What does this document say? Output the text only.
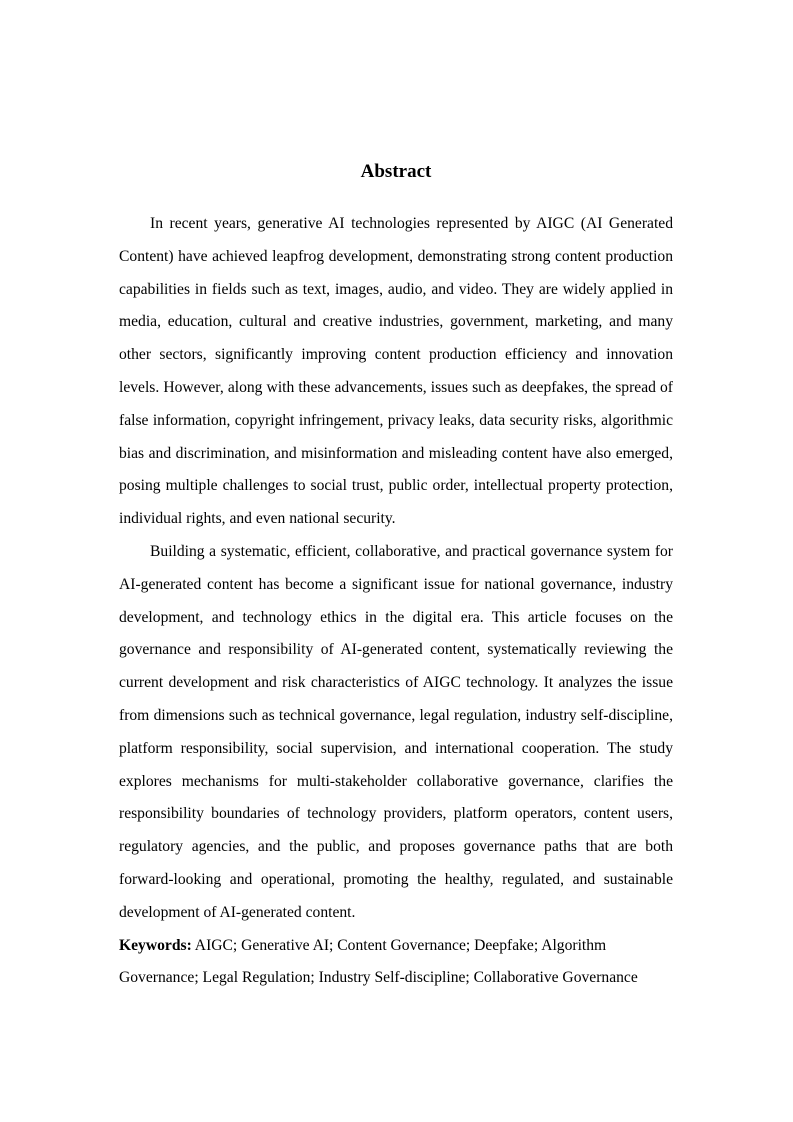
Abstract

In recent years, generative AI technologies represented by AIGC (AI Generated Content) have achieved leapfrog development, demonstrating strong content production capabilities in fields such as text, images, audio, and video. They are widely applied in media, education, cultural and creative industries, government, marketing, and many other sectors, significantly improving content production efficiency and innovation levels. However, along with these advancements, issues such as deepfakes, the spread of false information, copyright infringement, privacy leaks, data security risks, algorithmic bias and discrimination, and misinformation and misleading content have also emerged, posing multiple challenges to social trust, public order, intellectual property protection, individual rights, and even national security.

Building a systematic, efficient, collaborative, and practical governance system for AI-generated content has become a significant issue for national governance, industry development, and technology ethics in the digital era. This article focuses on the governance and responsibility of AI-generated content, systematically reviewing the current development and risk characteristics of AIGC technology. It analyzes the issue from dimensions such as technical governance, legal regulation, industry self-discipline, platform responsibility, social supervision, and international cooperation. The study explores mechanisms for multi-stakeholder collaborative governance, clarifies the responsibility boundaries of technology providers, platform operators, content users, regulatory agencies, and the public, and proposes governance paths that are both forward-looking and operational, promoting the healthy, regulated, and sustainable development of AI-generated content.

Keywords: AIGC; Generative AI; Content Governance; Deepfake; Algorithm Governance; Legal Regulation; Industry Self-discipline; Collaborative Governance
